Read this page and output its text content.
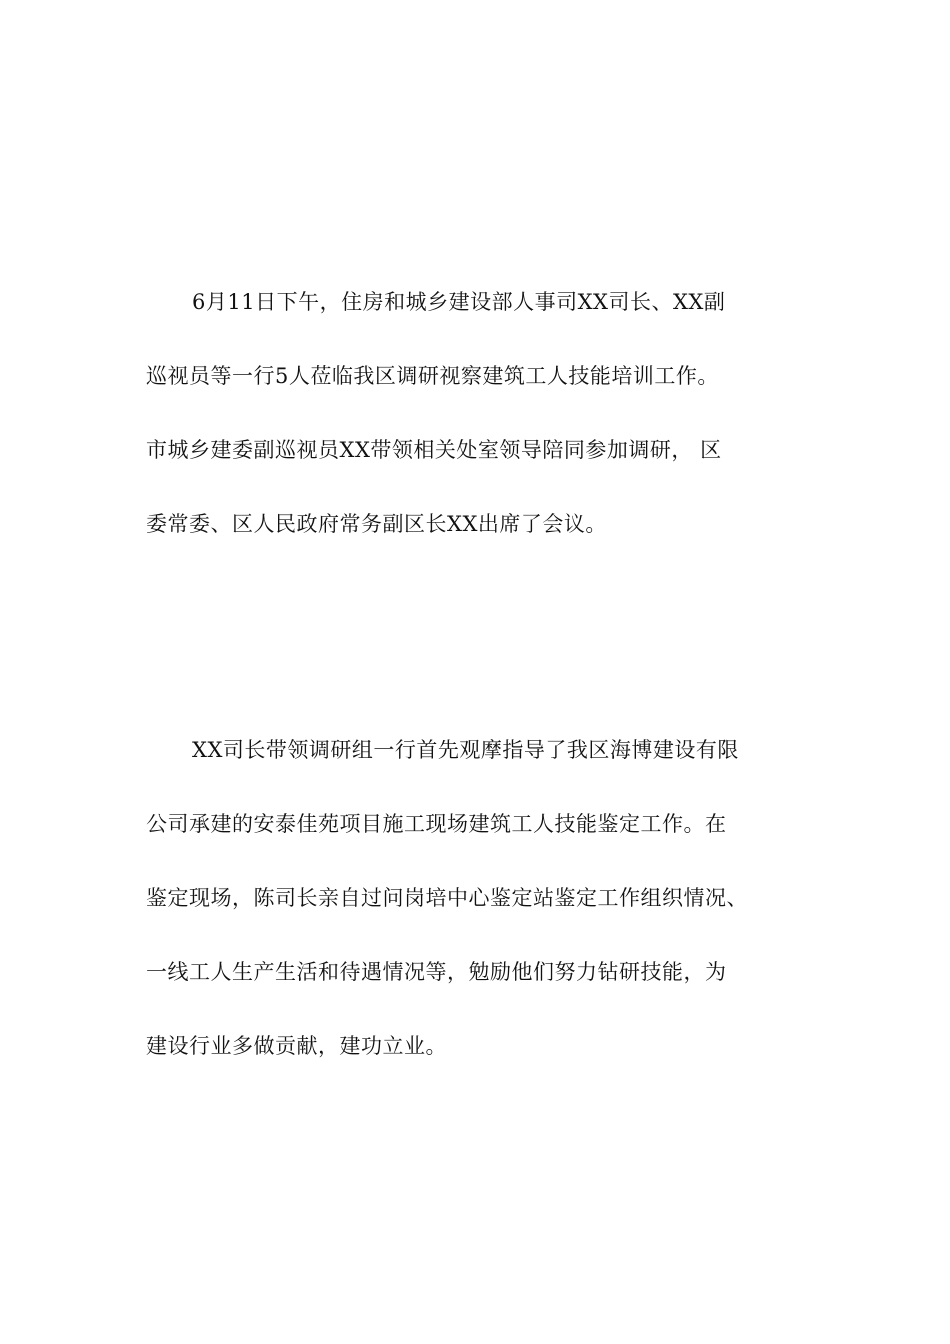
6月11日下午，住房和城乡建设部人事司XX司长、XX副
巡视员等一行5人莅临我区调研视察建筑工人技能培训工作。
市城乡建委副巡视员XX带领相关处室领导陪同参加调研， 区
委常委、区人民政府常务副区长XX出席了会议。
XX司长带领调研组一行首先观摩指导了我区海博建设有限
公司承建的安泰佳苑项目施工现场建筑工人技能鉴定工作。在
鉴定现场，陈司长亲自过问岗培中心鉴定站鉴定工作组织情况、
一线工人生产生活和待遇情况等，勉励他们努力钻研技能，为
建设行业多做贡献，建功立业。
